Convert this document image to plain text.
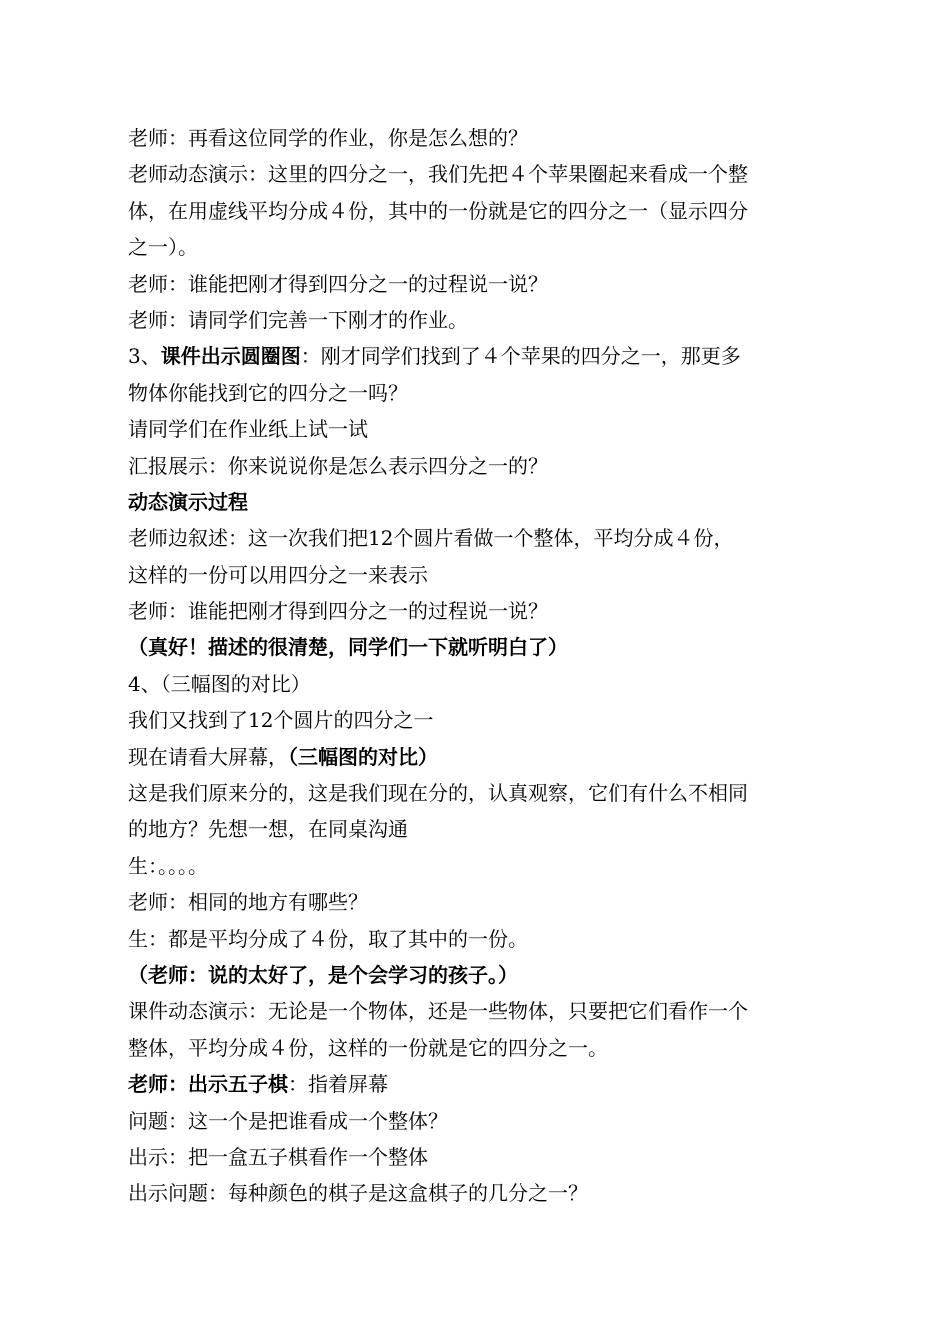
老师：再看这位同学的作业，你是怎么想的？
老师动态演示：这里的四分之一，我们先把４个苹果圈起来看成一个整
体，在用虚线平均分成４份，其中的一份就是它的四分之一（显示四分
之一）。
老师：谁能把刚才得到四分之一的过程说一说？
老师：请同学们完善一下刚才的作业。
3、课件出示圆圈图：刚才同学们找到了４个苹果的四分之一，那更多
物体你能找到它的四分之一吗？
请同学们在作业纸上试一试
汇报展示：你来说说你是怎么表示四分之一的？
动态演示过程
老师边叙述：这一次我们把12个圆片看做一个整体，平均分成４份，
这样的一份可以用四分之一来表示
老师：谁能把刚才得到四分之一的过程说一说？
（真好！描述的很清楚，同学们一下就听明白了）
4、（三幅图的对比）
我们又找到了12个圆片的四分之一
现在请看大屏幕，（三幅图的对比）
这是我们原来分的，这是我们现在分的，认真观察，它们有什么不相同
的地方？先想一想，在同桌沟通
生：。。。。
老师：相同的地方有哪些？
生：都是平均分成了４份，取了其中的一份。
（老师：说的太好了，是个会学习的孩子。）
课件动态演示：无论是一个物体，还是一些物体，只要把它们看作一个
整体，平均分成４份，这样的一份就是它的四分之一。
老师：出示五子棋：指着屏幕
问题：这一个是把谁看成一个整体？
出示：把一盒五子棋看作一个整体
出示问题：每种颜色的棋子是这盒棋子的几分之一？
